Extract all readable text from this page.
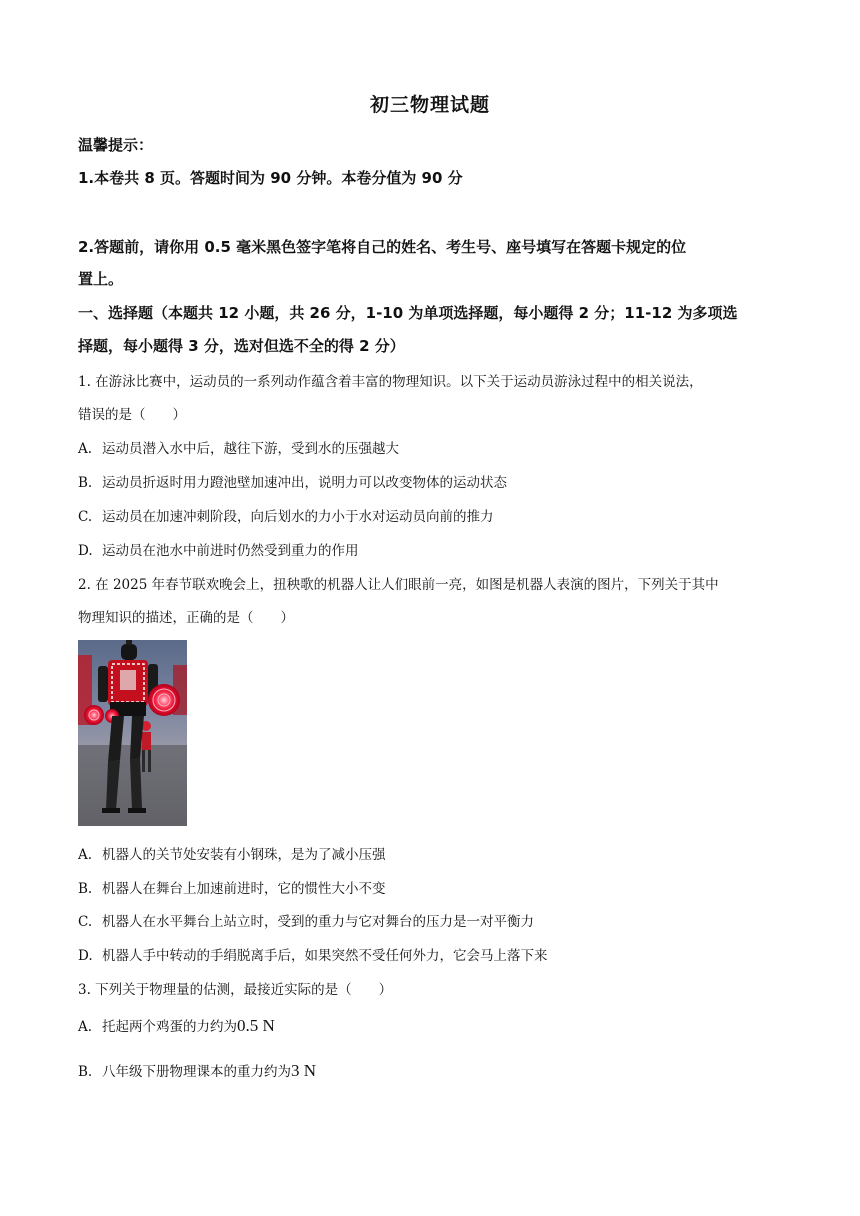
初三物理试题
温馨提示：
1.本卷共 8 页。答题时间为 90 分钟。本卷分值为 90 分
2.答题前，请你用 0.5 毫米黑色签字笔将自己的姓名、考生号、座号填写在答题卡规定的位
置上。
一、选择题（本题共 12 小题，共 26 分，1-10 为单项选择题，每小题得 2 分；11-12 为多项选
择题，每小题得 3 分，选对但选不全的得 2 分）
1. 在游泳比赛中，运动员的一系列动作蕴含着丰富的物理知识。以下关于运动员游泳过程中的相关说法，
错误的是（　　）
A. 运动员潜入水中后，越往下游，受到水的压强越大
B. 运动员折返时用力蹬池壁加速冲出，说明力可以改变物体的运动状态
C. 运动员在加速冲刺阶段，向后划水的力小于水对运动员向前的推力
D. 运动员在池水中前进时仍然受到重力的作用
2. 在 2025 年春节联欢晚会上，扭秧歌的机器人让人们眼前一亮，如图是机器人表演的图片，下列关于其中
物理知识的描述，正确的是（　　）
A. 机器人的关节处安装有小钢珠，是为了减小压强
B. 机器人在舞台上加速前进时，它的惯性大小不变
C. 机器人在水平舞台上站立时，受到的重力与它对舞台的压力是一对平衡力
D. 机器人手中转动的手绢脱离手后，如果突然不受任何外力，它会马上落下来
3. 下列关于物理量的估测，最接近实际的是（　　）
A. 托起两个鸡蛋的力约为0.5 N
B. 八年级下册物理课本的重力约为3 N
